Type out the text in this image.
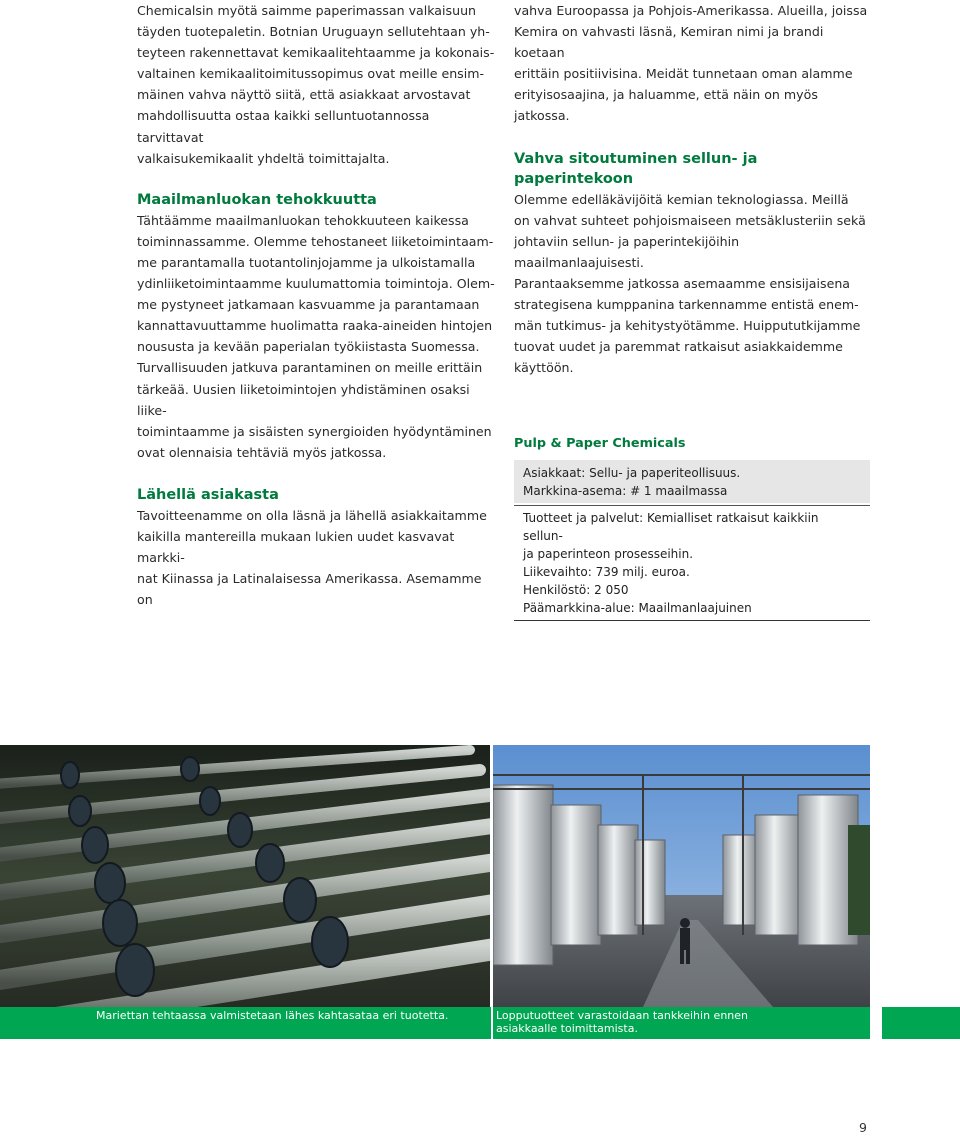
Chemicalsin myötä saimme paperimassan valkaisuun

täyden tuotepaletin. Botnian Uruguayn sellutehtaan yh-

teyteen rakennettavat kemikaalitehtaamme ja kokonais-

valtainen kemikaalitoimitussopimus ovat meille ensim-

mäinen vahva näyttö siitä, että asiakkaat arvostavat

mahdollisuutta ostaa kaikki selluntuotannossa tarvittavat

valkaisukemikaalit yhdeltä toimittajalta.

Maailmanluokan tehokkuutta

Tähtäämme maailmanluokan tehokkuuteen kaikessa

toiminnassamme. Olemme tehostaneet liiketoimintaam-

me parantamalla tuotantolinjojamme ja ulkoistamalla

ydinliiketoimintaamme kuulumattomia toimintoja. Olem-

me pystyneet jatkamaan kasvuamme ja parantamaan

kannattavuuttamme huolimatta raaka-aineiden hintojen

noususta ja kevään paperialan työkiistasta Suomessa.

Turvallisuuden jatkuva parantaminen on meille erittäin

tärkeää. Uusien liiketoimintojen yhdistäminen osaksi liike-

toimintaamme ja sisäisten synergioiden hyödyntäminen

ovat olennaisia tehtäviä myös jatkossa.

Lähellä asiakasta

Tavoitteenamme on olla läsnä ja lähellä asiakkaitamme

kaikilla mantereilla mukaan lukien uudet kasvavat markki-

nat Kiinassa ja Latinalaisessa Amerikassa. Asemamme on

vahva Euroopassa ja Pohjois-Amerikassa. Alueilla, joissa

Kemira on vahvasti läsnä, Kemiran nimi ja brandi koetaan

erittäin positiivisina. Meidät tunnetaan oman alamme

erityisosaajina, ja haluamme, että näin on myös jatkossa.

Vahva sitoutuminen sellun- ja paperintekoon

Olemme edelläkävijöitä kemian teknologiassa. Meillä

on vahvat suhteet pohjoismaiseen metsäklusteriin sekä

johtaviin sellun- ja paperintekijöihin maailmanlaajuisesti.

Parantaaksemme jatkossa asemaamme ensisijaisena

strategisena kumppanina tarkennamme entistä enem-

män tutkimus- ja kehitystyötämme. Huippututkijamme

tuovat uudet ja paremmat ratkaisut asiakkaidemme

käyttöön.

Pulp & Paper Chemicals
Asiakkaat: Sellu- ja paperiteollisuus.
Markkina-asema: # 1 maailmassa
Tuotteet ja palvelut: Kemialliset ratkaisut kaikkiin sellun-
ja paperinteon prosesseihin.
Liikevaihto: 739 milj. euroa.
Henkilöstö: 2 050
Päämarkkina-alue: Maailmanlaajuinen
Mariettan tehtaassa valmistetaan lähes kahtasataa eri tuotetta.	Lopputuotteet varastoidaan tankkeihin ennen asiakkaalle toimittamista.
9
